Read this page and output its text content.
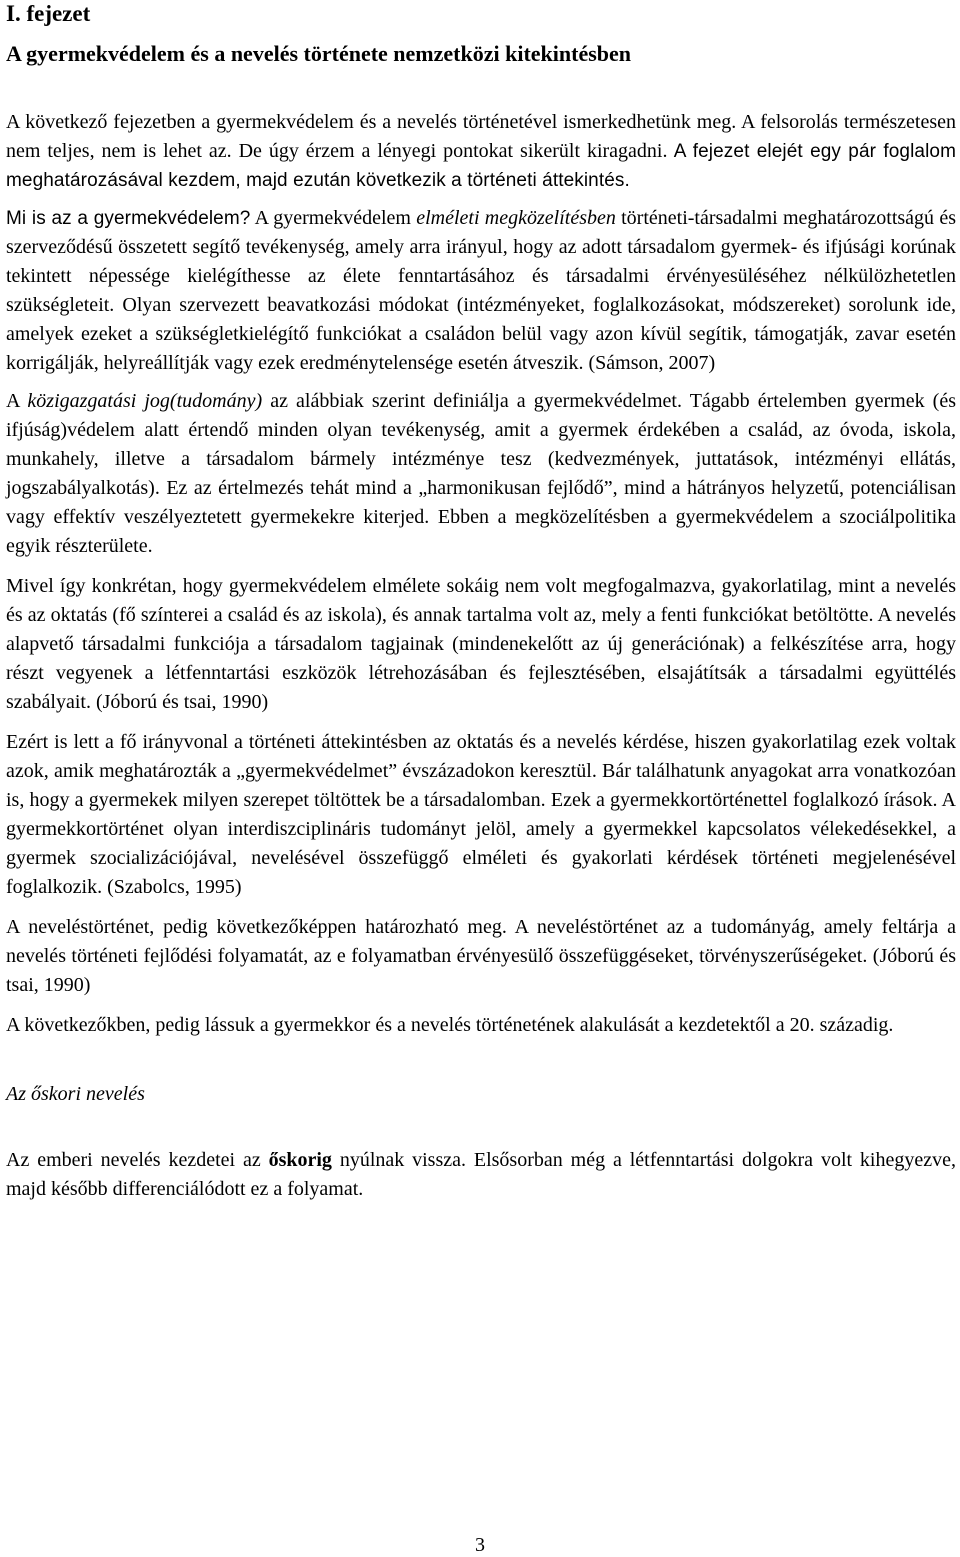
I. fejezet
A gyermekvédelem és a nevelés története nemzetközi kitekintésben

A következő fejezetben a gyermekvédelem és a nevelés történetével ismerkedhetünk meg. A felsorolás természetesen nem teljes, nem is lehet az. De úgy érzem a lényegi pontokat sikerült kiragadni. A fejezet elejét egy pár foglalom meghatározásával kezdem, majd ezután következik a történeti áttekintés.

Mi is az a gyermekvédelem? A gyermekvédelem elméleti megközelítésben történeti-társadalmi meghatározottságú és szerveződésű összetett segítő tevékenység, amely arra irányul, hogy az adott társadalom gyermek- és ifjúsági korúnak tekintett népessége kielégíthesse az élete fenntartásához és társadalmi érvényesüléséhez nélkülözhetetlen szükségleteit. Olyan szervezett beavatkozási módokat (intézményeket, foglalkozásokat, módszereket) sorolunk ide, amelyek ezeket a szükségletkielégítő funkciókat a családon belül vagy azon kívül segítik, támogatják, zavar esetén korrigálják, helyreállítják vagy ezek eredménytelensége esetén átveszik. (Sámson, 2007)

A közigazgatási jog(tudomány) az alábbiak szerint definiálja a gyermekvédelmet. Tágabb értelemben gyermek (és ifjúság)védelem alatt értendő minden olyan tevékenység, amit a gyermek érdekében a család, az óvoda, iskola, munkahely, illetve a társadalom bármely intézménye tesz (kedvezmények, juttatások, intézményi ellátás, jogszabályalkotás). Ez az értelmezés tehát mind a „harmonikusan fejlődő”, mind a hátrányos helyzetű, potenciálisan vagy effektív veszélyeztetett gyermekekre kiterjed. Ebben a megközelítésben a gyermekvédelem a szociálpolitika egyik részterülete.

Mivel így konkrétan, hogy gyermekvédelem elmélete sokáig nem volt megfogalmazva, gyakorlatilag, mint a nevelés és az oktatás (fő színterei a család és az iskola), és annak tartalma volt az, mely a fenti funkciókat betöltötte. A nevelés alapvető társadalmi funkciója a társadalom tagjainak (mindenekelőtt az új generációnak) a felkészítése arra, hogy részt vegyenek a létfenntartási eszközök létrehozásában és fejlesztésében, elsajátítsák a társadalmi együttélés szabályait. (Jóború és tsai, 1990)

Ezért is lett a fő irányvonal a történeti áttekintésben az oktatás és a nevelés kérdése, hiszen gyakorlatilag ezek voltak azok, amik meghatározták a „gyermekvédelmet” évszázadokon keresztül. Bár találhatunk anyagokat arra vonatkozóan is, hogy a gyermekek milyen szerepet töltöttek be a társadalomban. Ezek a gyermekkortörténettel foglalkozó írások. A gyermekkortörténet olyan interdiszciplináris tudományt jelöl, amely a gyermekkel kapcsolatos vélekedésekkel, a gyermek szocializációjával, nevelésével összefüggő elméleti és gyakorlati kérdések történeti megjelenésével foglalkozik. (Szabolcs, 1995)

A neveléstörténet, pedig következőképpen határozható meg. A neveléstörténet az a tudományág, amely feltárja a nevelés történeti fejlődési folyamatát, az e folyamatban érvényesülő összefüggéseket, törvényszerűségeket. (Jóború és tsai, 1990)

A következőkben, pedig lássuk a gyermekkor és a nevelés történetének alakulását a kezdetektől a 20. századig.

Az őskori nevelés

Az emberi nevelés kezdetei az őskorig nyúlnak vissza. Elsősorban még a létfenntartási dolgokra volt kihegyezve, majd később differenciálódott ez a folyamat.

3
